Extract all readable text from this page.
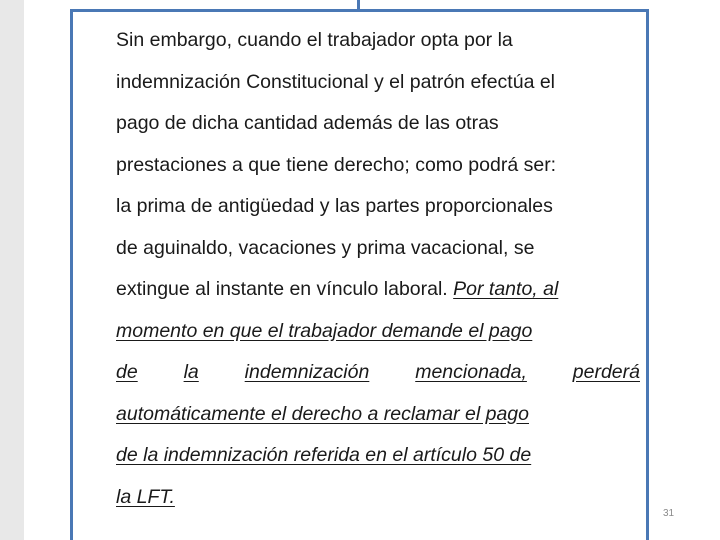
Sin embargo, cuando el trabajador opta por la
indemnización Constitucional y el patrón efectúa el
pago de dicha cantidad además de las otras
prestaciones a que tiene derecho; como podrá ser:
la prima de antigüedad y las partes proporcionales
de aguinaldo, vacaciones y prima vacacional, se
extingue al instante en vínculo laboral. Por tanto, al
momento en que el trabajador demande el pago
de la indemnización mencionada, perderá
automáticamente el derecho a reclamar el pago
de la indemnización referida en el artículo 50 de
la LFT.
31
